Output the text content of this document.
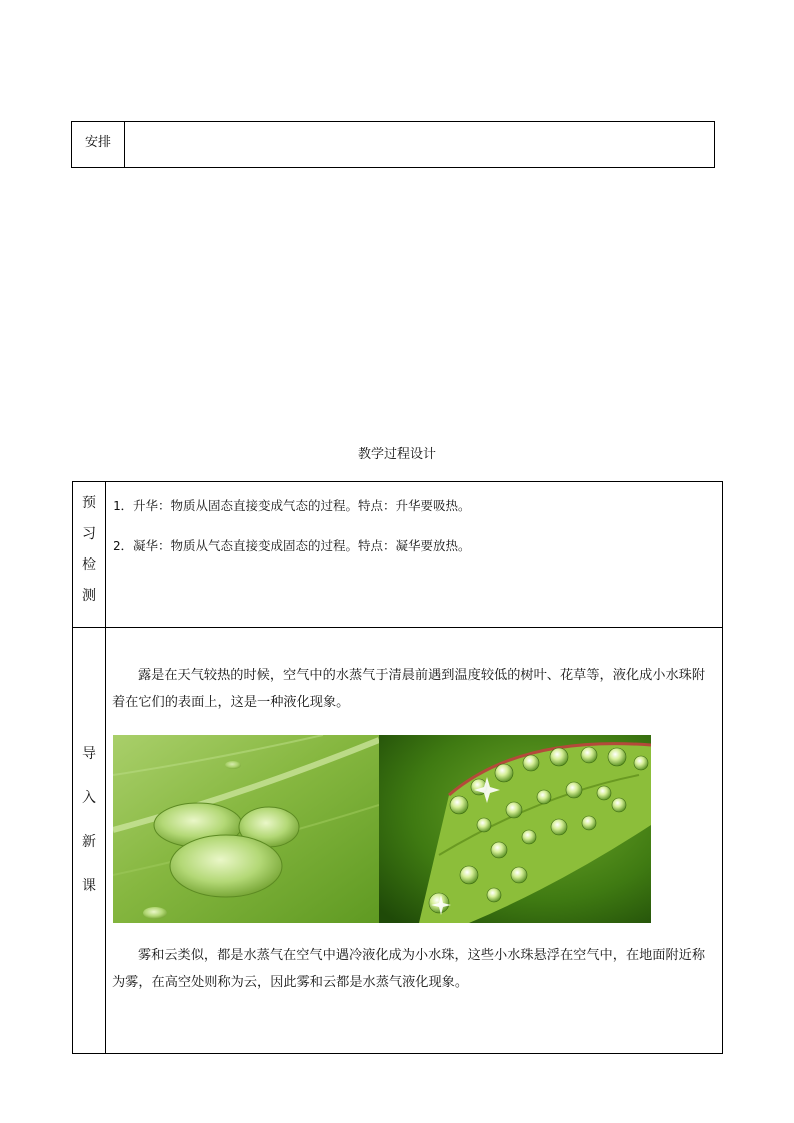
安排
教学过程设计
预
习
检
测
1．升华：物质从固态直接变成气态的过程。特点：升华要吸热。
2．凝华：物质从气态直接变成固态的过程。特点：凝华要放热。
导
入
新
课
露是在天气较热的时候，空气中的水蒸气于清晨前遇到温度较低的树叶、花草等，液化成小水珠附着在它们的表面上，这是一种液化现象。
雾和云类似，都是水蒸气在空气中遇冷液化成为小水珠，这些小水珠悬浮在空气中，在地面附近称为雾，在高空处则称为云，因此雾和云都是水蒸气液化现象。
